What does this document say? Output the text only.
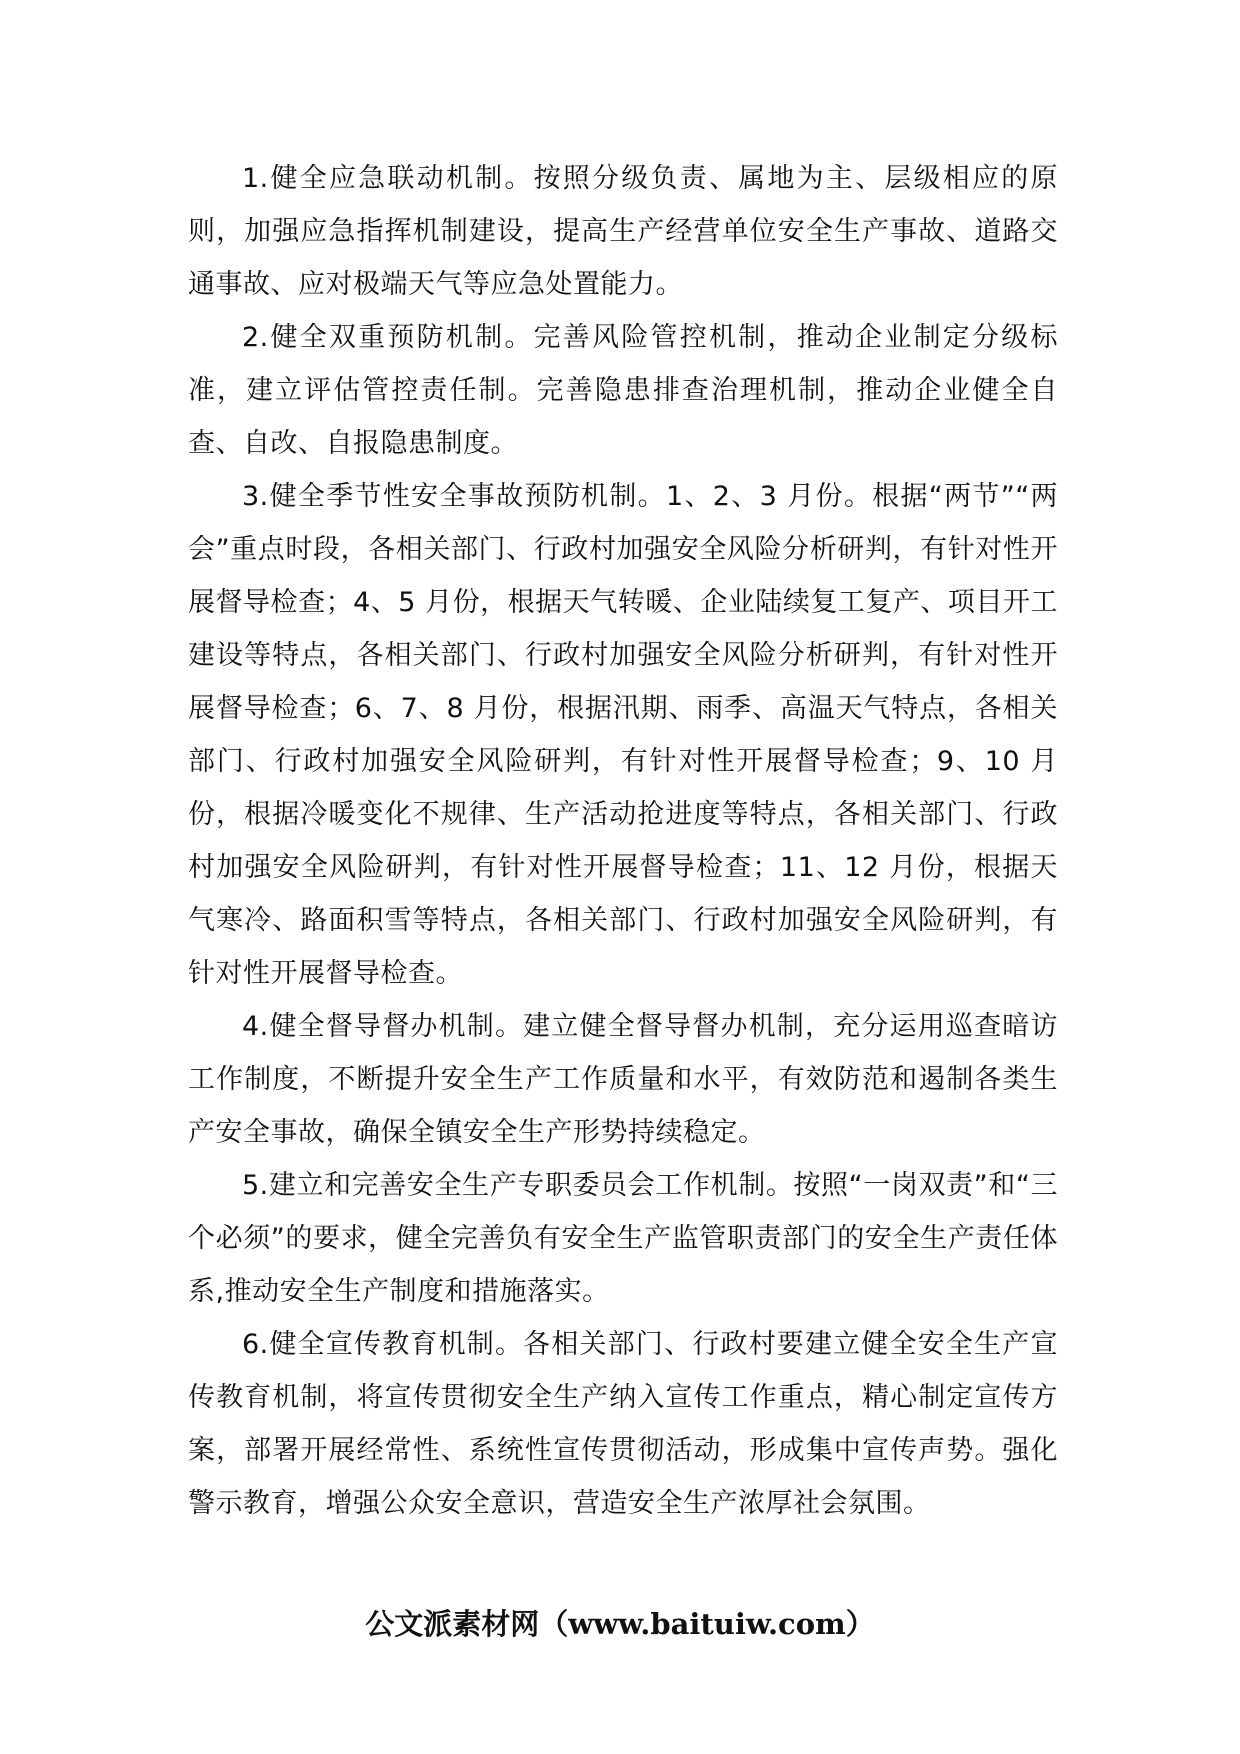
1.健全应急联动机制。按照分级负责、属地为主、层级相应的原则，加强应急指挥机制建设，提高生产经营单位安全生产事故、道路交通事故、应对极端天气等应急处置能力。

2.健全双重预防机制。完善风险管控机制，推动企业制定分级标准，建立评估管控责任制。完善隐患排查治理机制，推动企业健全自查、自改、自报隐患制度。

3.健全季节性安全事故预防机制。1、2、3 月份。根据“两节”“两会”重点时段，各相关部门、行政村加强安全风险分析研判，有针对性开展督导检查；4、5 月份，根据天气转暖、企业陆续复工复产、项目开工建设等特点，各相关部门、行政村加强安全风险分析研判，有针对性开展督导检查；6、7、8 月份，根据汛期、雨季、高温天气特点，各相关部门、行政村加强安全风险研判，有针对性开展督导检查；9、10 月份，根据冷暖变化不规律、生产活动抢进度等特点，各相关部门、行政村加强安全风险研判，有针对性开展督导检查；11、12 月份，根据天气寒冷、路面积雪等特点，各相关部门、行政村加强安全风险研判，有针对性开展督导检查。

4.健全督导督办机制。建立健全督导督办机制，充分运用巡查暗访工作制度，不断提升安全生产工作质量和水平，有效防范和遏制各类生产安全事故，确保全镇安全生产形势持续稳定。

5.建立和完善安全生产专职委员会工作机制。按照“一岗双责”和“三个必须”的要求，健全完善负有安全生产监管职责部门的安全生产责任体系,推动安全生产制度和措施落实。

6.健全宣传教育机制。各相关部门、行政村要建立健全安全生产宣传教育机制，将宣传贯彻安全生产纳入宣传工作重点，精心制定宣传方案，部署开展经常性、系统性宣传贯彻活动，形成集中宣传声势。强化警示教育，增强公众安全意识，营造安全生产浓厚社会氛围。

公文派素材网（www.baituiw.com）
